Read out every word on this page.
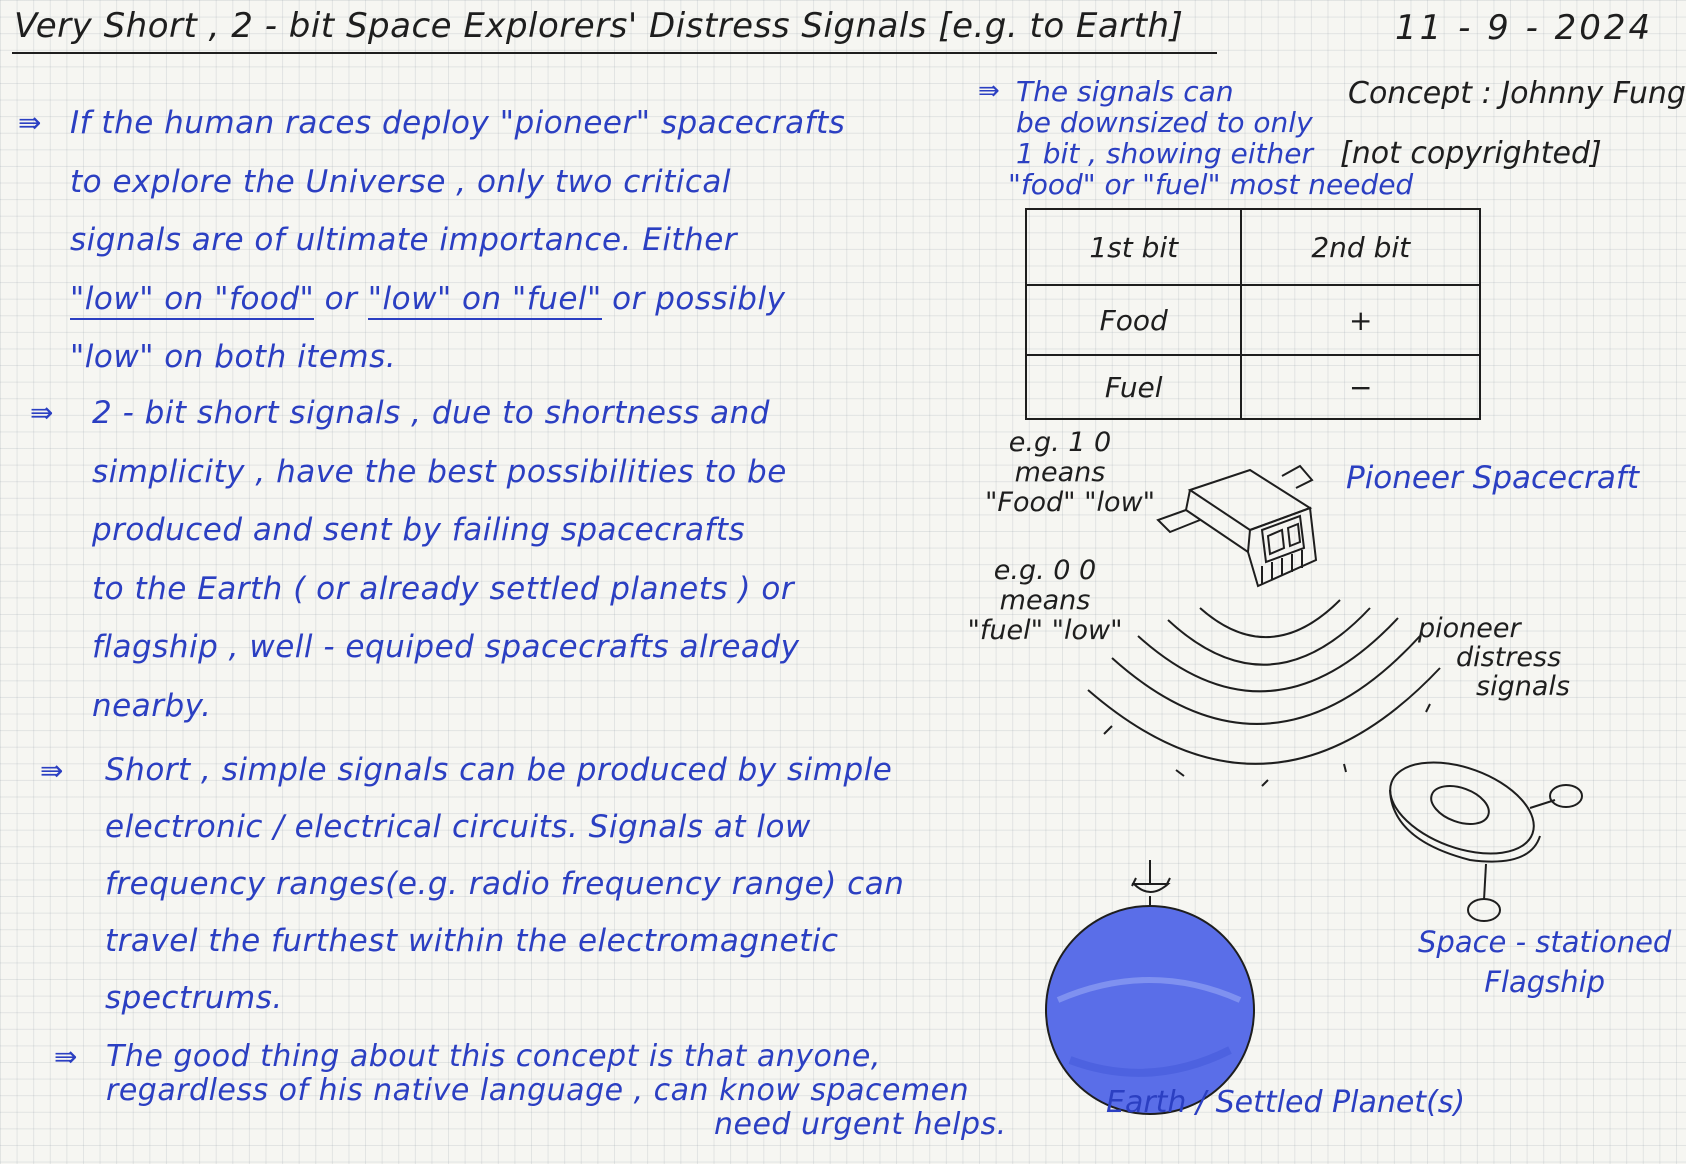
Very Short , 2 - bit Space Explorers' Distress Signals [e.g. to Earth]	11 - 9 - 2024
⇛ If the human races deploy "pioneer" spacecrafts
to explore the Universe , only two critical
signals are of ultimate importance. Either
"low" on "food" or "low" on "fuel" or possibly
"low" on both items.
⇛	2 - bit short signals , due to shortness and
simplicity , have the best possibilities to be
produced and sent by failing spacecrafts
to the Earth ( or already settled planets ) or
flagship , well - equiped spacecrafts already
nearby.
⇛	Short , simple signals can be produced by simple
electronic / electrical circuits. Signals at low
frequency ranges(e.g. radio frequency range) can
travel the furthest within the electromagnetic
spectrums.
⇛ The good thing about this concept is that anyone,
regardless of his native language , can know spacemen
need urgent helps.
⇛ The signals can
be downsized to only
1 bit , showing either
"food" or "fuel" most needed
Concept : Johnny Fung
[not copyrighted]
1st bit	2nd bit
Food	+
Fuel	−
e.g. 1 0
means
"Food" "low"
e.g. 0 0
means
"fuel" "low"
Pioneer Spacecraft
pioneer
distress
signals
Space - stationed
Flagship
Earth / Settled Planet(s)
